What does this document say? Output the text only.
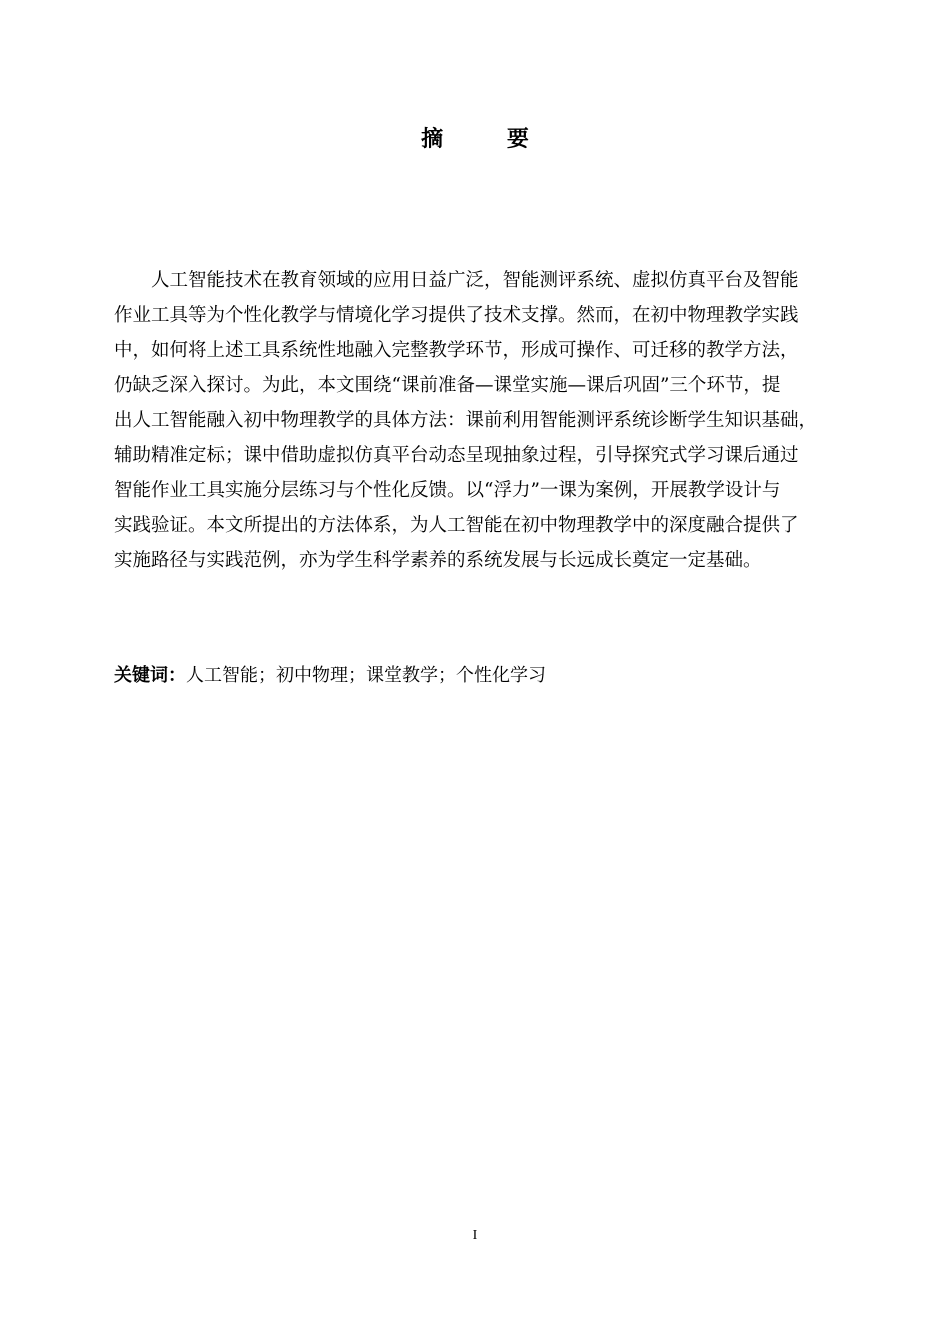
摘 要
人工智能技术在教育领域的应用日益广泛，智能测评系统、虚拟仿真平台及智能
作业工具等为个性化教学与情境化学习提供了技术支撑。然而，在初中物理教学实践
中，如何将上述工具系统性地融入完整教学环节，形成可操作、可迁移的教学方法，
仍缺乏深入探讨。为此，本文围绕“课前准备—课堂实施—课后巩固”三个环节，提
出人工智能融入初中物理教学的具体方法：课前利用智能测评系统诊断学生知识基础，
辅助精准定标；课中借助虚拟仿真平台动态呈现抽象过程，引导探究式学习课后通过
智能作业工具实施分层练习与个性化反馈。以“浮力”一课为案例，开展教学设计与
实践验证。本文所提出的方法体系，为人工智能在初中物理教学中的深度融合提供了
实施路径与实践范例，亦为学生科学素养的系统发展与长远成长奠定一定基础。
关键词：人工智能；初中物理；课堂教学；个性化学习
I
